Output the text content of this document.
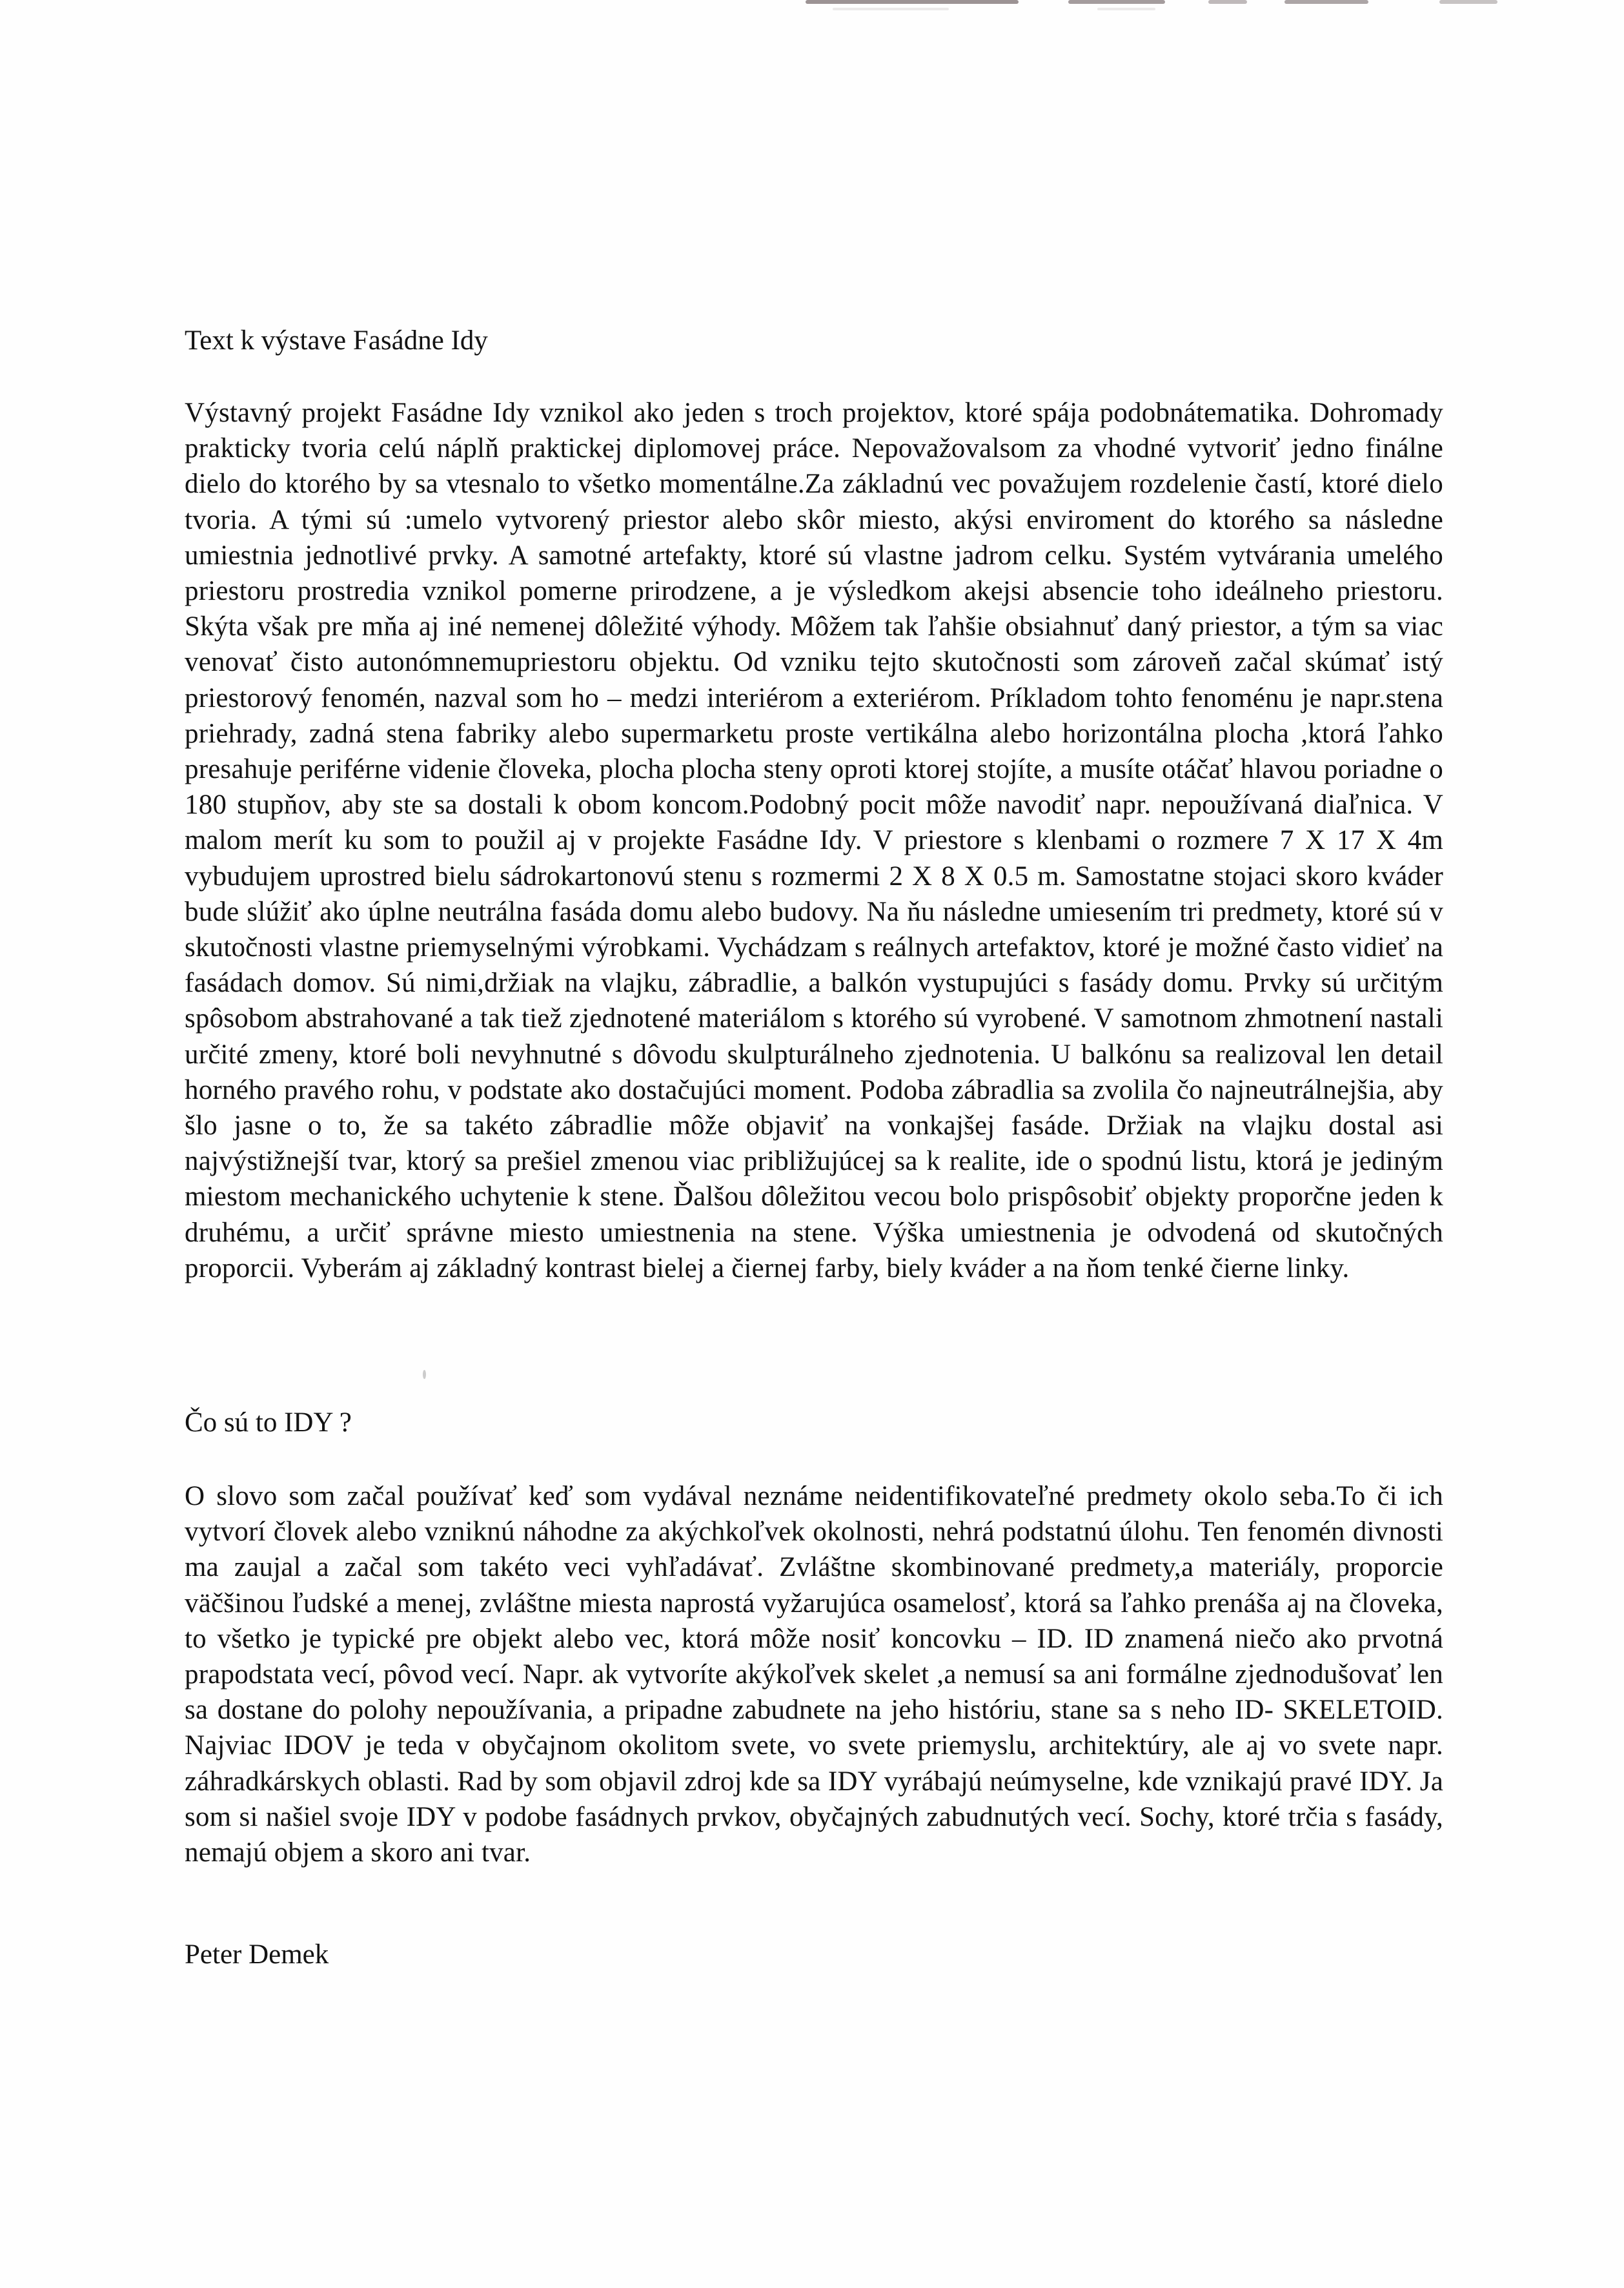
Text k výstave Fasádne Idy
Výstavný projekt Fasádne Idy vznikol ako jeden s troch projektov, ktoré spája podobnátematika. Dohromady prakticky tvoria celú náplň praktickej diplomovej práce. Nepovažovalsom za vhodné vytvoriť jedno finálne dielo do ktorého by sa vtesnalo to všetko momentálne.Za základnú vec považujem rozdelenie častí, ktoré dielo tvoria. A tými sú :umelo vytvorený priestor alebo skôr miesto, akýsi enviroment do ktorého sa následne umiestnia jednotlivé prvky. A samotné artefakty, ktoré sú vlastne jadrom celku. Systém vytvárania umelého priestoru prostredia vznikol pomerne prirodzene, a je výsledkom akejsi absencie toho ideálneho priestoru. Skýta však pre mňa aj iné nemenej dôležité výhody. Môžem tak ľahšie obsiahnuť daný priestor, a tým sa viac venovať čisto autonómnemupriestoru objektu. Od vzniku tejto skutočnosti som zároveň začal skúmať istý priestorový fenomén, nazval som ho – medzi interiérom a exteriérom. Príkladom tohto fenoménu je napr.stena priehrady, zadná stena fabriky alebo supermarketu proste vertikálna alebo horizontálna plocha ,ktorá ľahko presahuje periférne videnie človeka, plocha plocha steny oproti ktorej stojíte, a musíte otáčať hlavou poriadne o 180 stupňov, aby ste sa dostali k obom koncom.Podobný pocit môže navodiť napr. nepoužívaná diaľnica. V malom merít ku som to použil aj v projekte Fasádne Idy. V priestore s klenbami o rozmere 7 X 17 X 4m vybudujem uprostred bielu sádrokartonovú stenu s rozmermi 2 X 8 X 0.5 m. Samostatne stojaci skoro kváder bude slúžiť ako úplne neutrálna fasáda domu alebo budovy. Na ňu následne umiesením tri predmety, ktoré sú v skutočnosti vlastne priemyselnými výrobkami. Vychádzam s reálnych artefaktov, ktoré je možné často vidieť na fasádach domov. Sú nimi,držiak na vlajku, zábradlie, a balkón vystupujúci s fasády domu. Prvky sú určitým spôsobom abstrahované a tak tiež zjednotené materiálom s ktorého sú vyrobené. V samotnom zhmotnení nastali určité zmeny, ktoré boli nevyhnutné s dôvodu skulpturálneho zjednotenia. U balkónu sa realizoval len detail horného pravého rohu, v podstate ako dostačujúci moment. Podoba zábradlia sa zvolila čo najneutrálnejšia, aby šlo jasne o to, že sa takéto zábradlie môže objaviť na vonkajšej fasáde. Držiak na vlajku dostal asi najvýstižnejší tvar, ktorý sa prešiel zmenou viac približujúcej sa k realite, ide o spodnú listu, ktorá je jediným miestom mechanického uchytenie k stene. Ďalšou dôležitou vecou bolo prispôsobiť objekty proporčne jeden k druhému, a určiť správne miesto umiestnenia na stene. Výška umiestnenia je odvodená od skutočných proporcii. Vyberám aj základný kontrast bielej a čiernej farby, biely kváder a na ňom tenké čierne linky.
Čo sú to IDY ?
O slovo som začal používať keď som vydával neznáme neidentifikovateľné predmety okolo seba.To či ich vytvorí človek alebo vzniknú náhodne za akýchkoľvek okolnosti, nehrá podstatnú úlohu. Ten fenomén divnosti ma zaujal a začal som takéto veci vyhľadávať. Zvláštne skombinované predmety,a materiály, proporcie väčšinou ľudské a menej, zvláštne miesta naprostá vyžarujúca osamelosť, ktorá sa ľahko prenáša aj na človeka, to všetko je typické pre objekt alebo vec, ktorá môže nosiť koncovku – ID. ID znamená niečo ako prvotná prapodstata vecí, pôvod vecí. Napr. ak vytvoríte akýkoľvek skelet ,a nemusí sa ani formálne zjednodušovať len sa dostane do polohy nepoužívania, a pripadne zabudnete na jeho históriu, stane sa s neho ID- SKELETOID. Najviac IDOV je teda v obyčajnom okolitom svete, vo svete priemyslu, architektúry, ale aj vo svete napr. záhradkárskych oblasti. Rad by som objavil zdroj kde sa IDY vyrábajú neúmyselne, kde vznikajú pravé IDY. Ja som si našiel svoje IDY v podobe fasádnych prvkov, obyčajných zabudnutých vecí. Sochy, ktoré trčia s fasády, nemajú objem a skoro ani tvar.
Peter Demek
